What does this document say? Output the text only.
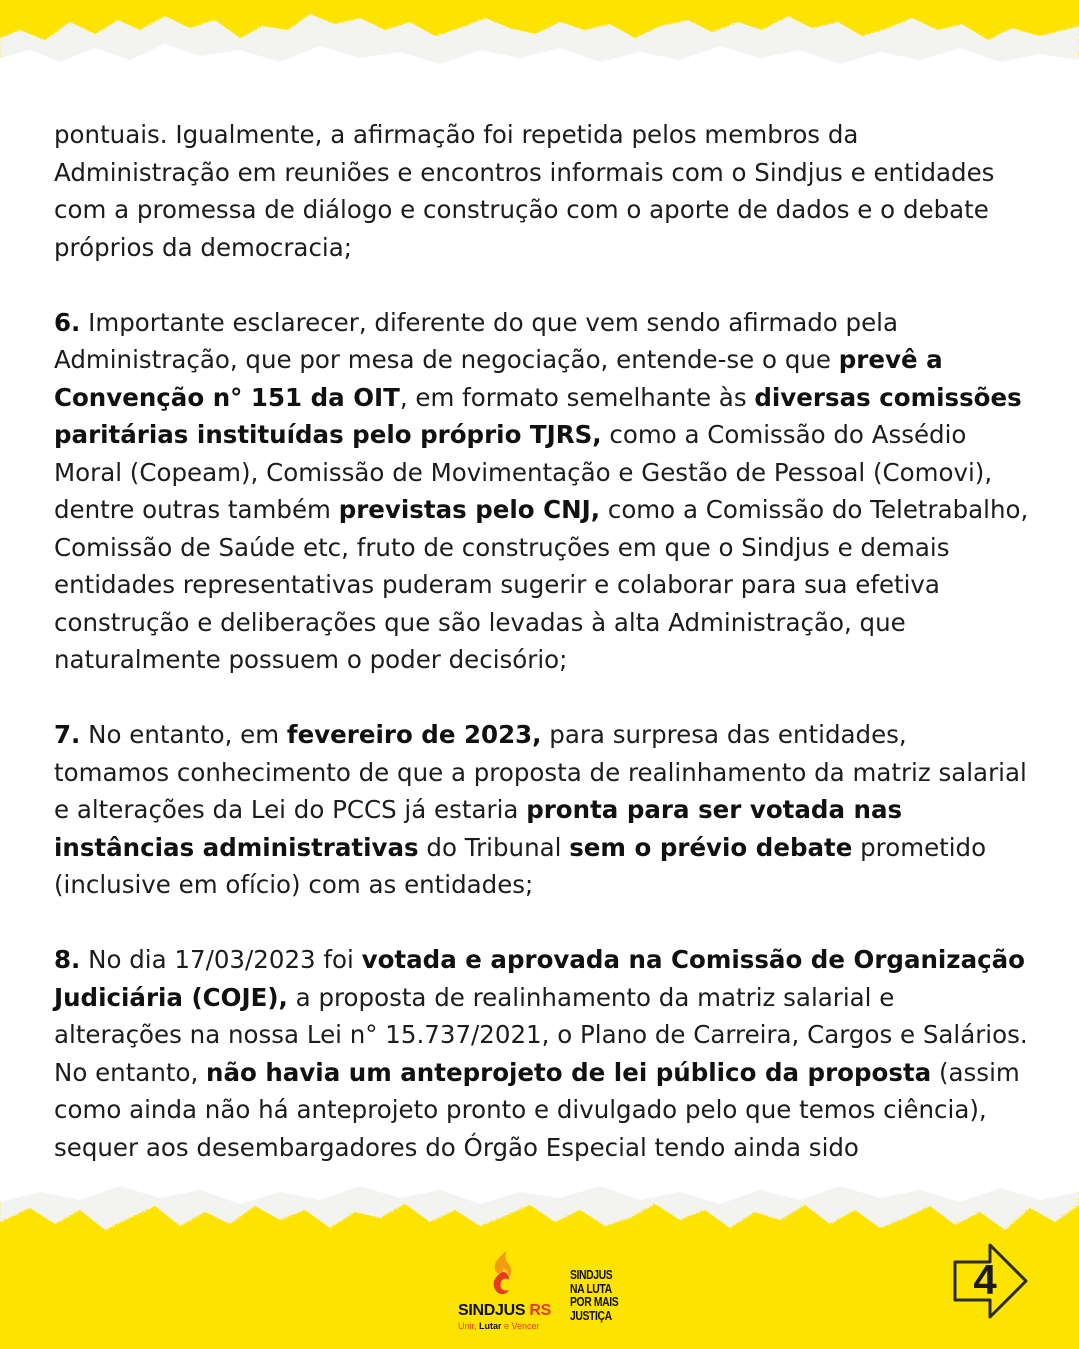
pontuais. Igualmente, a afirmação foi repetida pelos membros da Administração em reuniões e encontros informais com o Sindjus e entidades com a promessa de diálogo e construção com o aporte de dados e o debate próprios da democracia;

6. Importante esclarecer, diferente do que vem sendo afirmado pela Administração, que por mesa de negociação, entende-se o que prevê a Convenção n° 151 da OIT, em formato semelhante às diversas comissões paritárias instituídas pelo próprio TJRS, como a Comissão do Assédio Moral (Copeam), Comissão de Movimentação e Gestão de Pessoal (Comovi), dentre outras também previstas pelo CNJ, como a Comissão do Teletrabalho, Comissão de Saúde etc, fruto de construções em que o Sindjus e demais entidades representativas puderam sugerir e colaborar para sua efetiva construção e deliberações que são levadas à alta Administração, que naturalmente possuem o poder decisório;

7. No entanto, em fevereiro de 2023, para surpresa das entidades, tomamos conhecimento de que a proposta de realinhamento da matriz salarial e alterações da Lei do PCCS já estaria pronta para ser votada nas instâncias administrativas do Tribunal sem o prévio debate prometido (inclusive em ofício) com as entidades;

8. No dia 17/03/2023 foi votada e aprovada na Comissão de Organização Judiciária (COJE), a proposta de realinhamento da matriz salarial e alterações na nossa Lei n° 15.737/2021, o Plano de Carreira, Cargos e Salários. No entanto, não havia um anteprojeto de lei público da proposta (assim como ainda não há anteprojeto pronto e divulgado pelo que temos ciência), sequer aos desembargadores do Órgão Especial tendo ainda sido

SINDJUS RS
Unir, Lutar e Vencer
SINDJUS
NA LUTA
POR MAIS
JUSTIÇA
4
